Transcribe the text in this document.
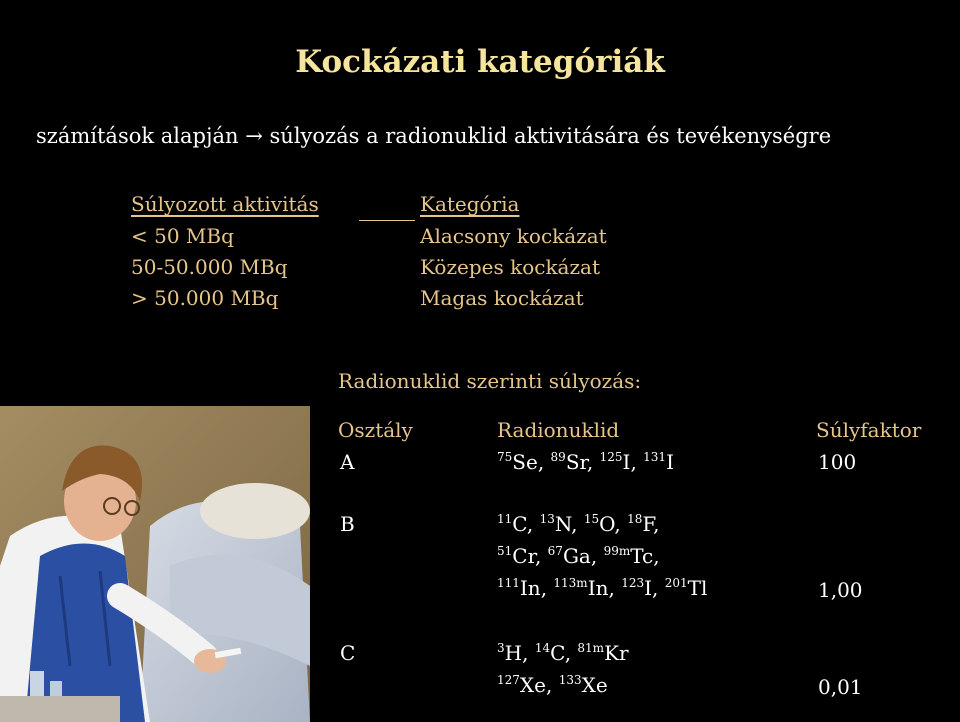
Kockázati kategóriák
számítások alapján → súlyozás a radionuklid aktivitására és tevékenységre
Súlyozott aktivitás	Kategória
< 50 MBq	Alacsony kockázat
50-50.000 MBq	Közepes kockázat
> 50.000 MBq	Magas kockázat
Radionuklid szerinti súlyozás:
Osztály	Radionuklid	Súlyfaktor
A	$^{75}$Se, $^{89}$Sr, $^{125}$I, $^{131}$I	100
B	$^{11}$C, $^{13}$N, $^{15}$O, $^{18}$F,
$^{51}$Cr, $^{67}$Ga, $^{99m}$Tc,
$^{111}$In, $^{113m}$In, $^{123}$I, $^{201}$Tl	1,00
C	$^3$H, $^{14}$C, $^{81m}$Kr
$^{127}$Xe, $^{133}$Xe	0,01
